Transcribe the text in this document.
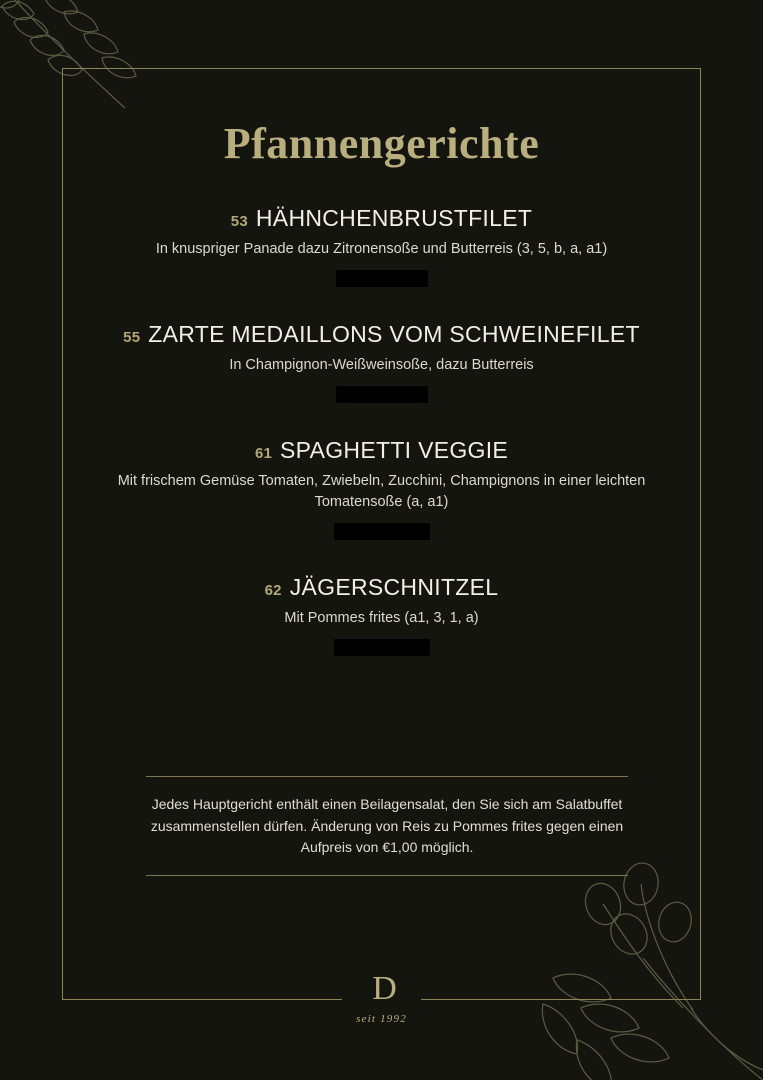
Pfannengerichte
53 HÄHNCHENBRUSTFILET
In knuspriger Panade dazu Zitronensoße und Butterreis (3, 5, b, a, a1)
55 ZARTE MEDAILLONS VOM SCHWEINEFILET
In Champignon-Weißweinsoße, dazu Butterreis
61 SPAGHETTI VEGGIE
Mit frischem Gemüse Tomaten, Zwiebeln, Zucchini, Champignons in einer leichten Tomatensoße (a, a1)
62 JÄGERSCHNITZEL
Mit Pommes frites (a1, 3, 1, a)
Jedes Hauptgericht enthält einen Beilagensalat, den Sie sich am Salatbuffet zusammenstellen dürfen. Änderung von Reis zu Pommes frites gegen einen Aufpreis von €1,00 möglich.
D
seit 1992
